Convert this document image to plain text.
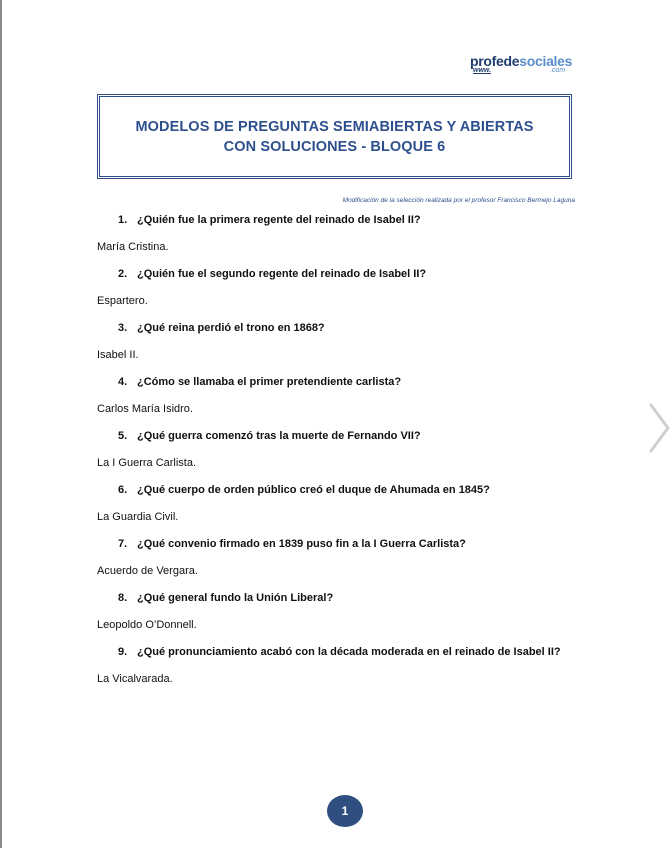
profedesociales
www.	.com
MODELOS DE PREGUNTAS SEMIABIERTAS Y ABIERTAS
CON SOLUCIONES - BLOQUE 6
Modificación de la selección realizada por el profesor Francisco Bermejo Laguna
1. ¿Quién fue la primera regente del reinado de Isabel II?
María Cristina.
2. ¿Quién fue el segundo regente del reinado de Isabel II?
Espartero.
3. ¿Qué reina perdió el trono en 1868?
Isabel II.
4. ¿Cómo se llamaba el primer pretendiente carlista?
Carlos María Isidro.
5. ¿Qué guerra comenzó tras la muerte de Fernando VII?
La I Guerra Carlista.
6. ¿Qué cuerpo de orden público creó el duque de Ahumada en 1845?
La Guardia Civil.
7. ¿Qué convenio firmado en 1839 puso fin a la I Guerra Carlista?
Acuerdo de Vergara.
8. ¿Qué general fundo la Unión Liberal?
Leopoldo O’Donnell.
9. ¿Qué pronunciamiento acabó con la década moderada en el reinado de Isabel II?
La Vicalvarada.
1
